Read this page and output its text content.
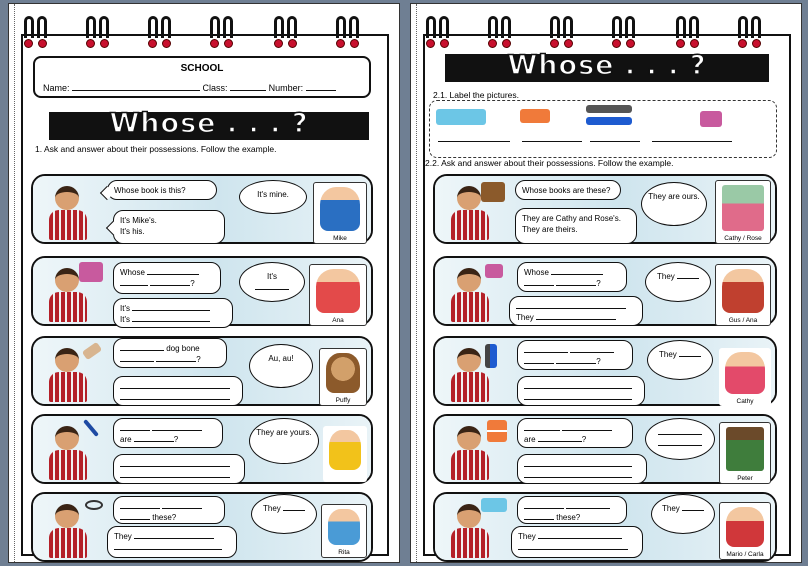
SCHOOL
Name:	Class:	Number:
Whose . . . ?
1. Ask and answer about their possessions. Follow the example.
Whose book is this?
It's Mike's.
It's his.
It's mine.
Mike
Whose
?
It's
It's
It's
Ana
dog bone
?	Au, au!
Puffy

are	?
They are yours.

these?
They
They
Rita
Whose . . . ?
2.1. Label the pictures.
2.2. Ask and answer about their possessions. Follow the example.
Whose books are these?
They are Cathy and Rose's.
They are theirs.
They are ours.
Cathy / Rose
Whose
?
They
They
Gus / Ana

?
They
Cathy

are	?
Peter

these?
They
They
Mario / Carla
